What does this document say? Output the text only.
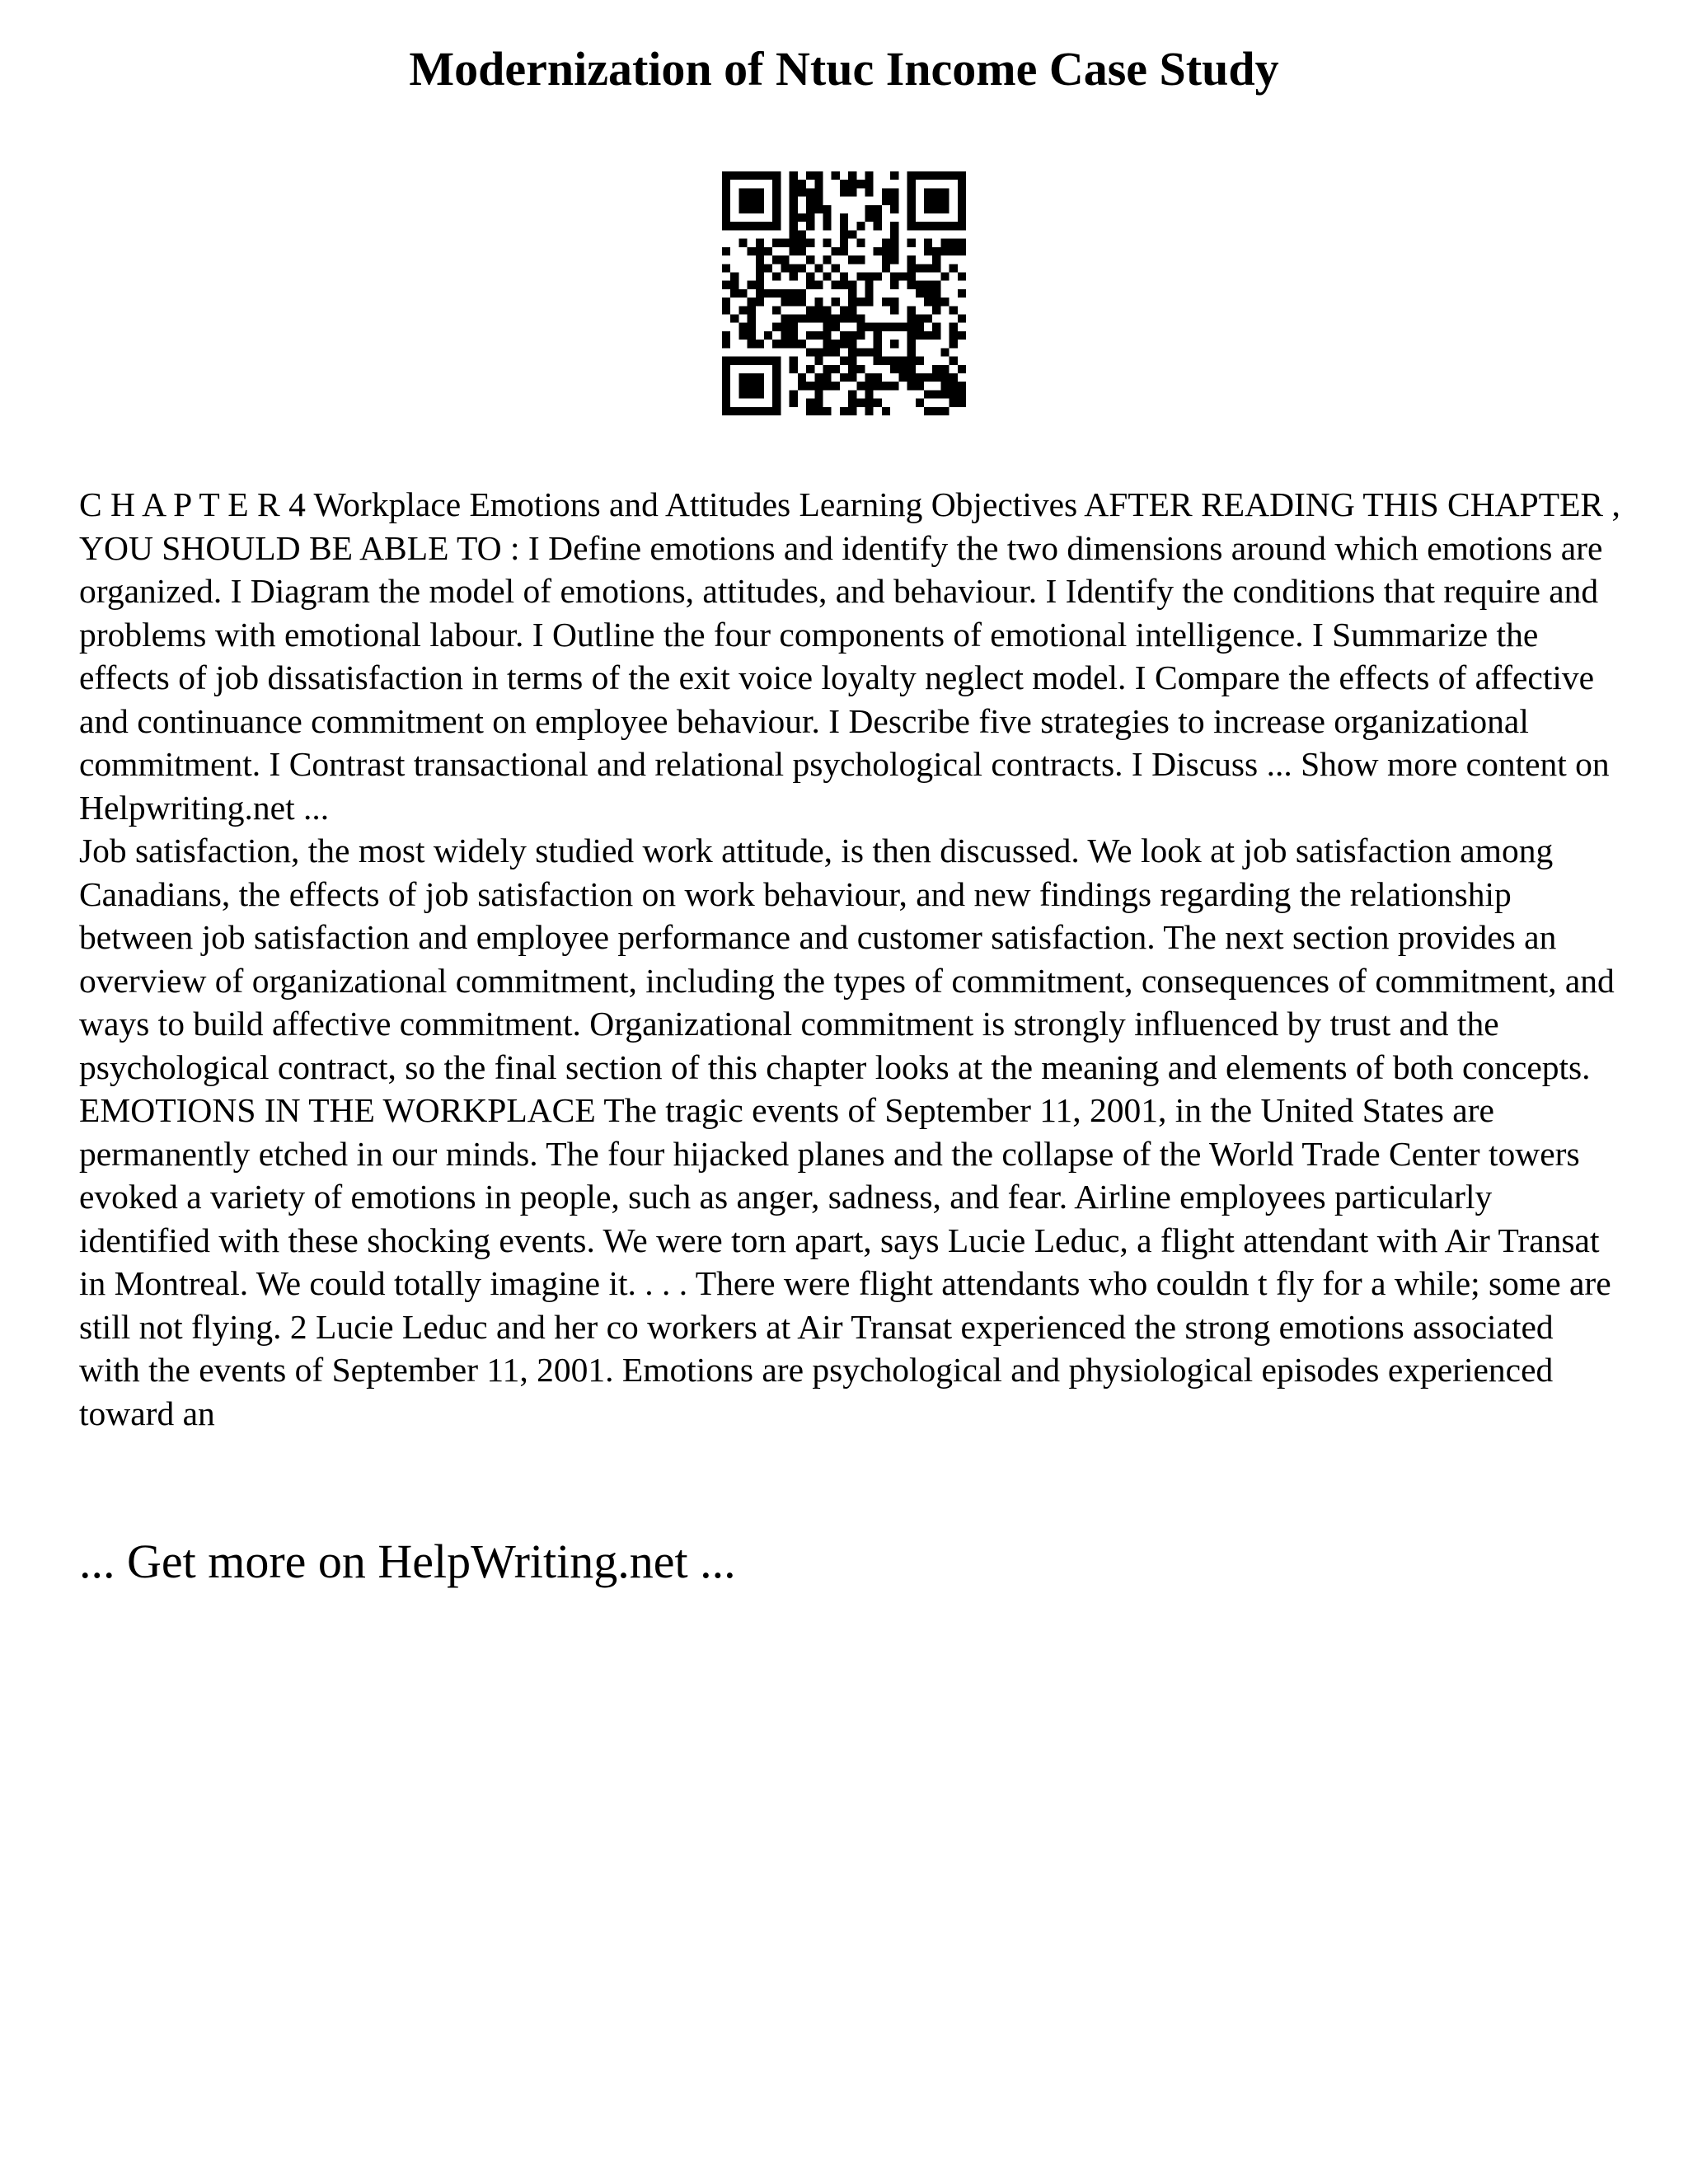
Modernization of Ntuc Income Case Study

C H A P T E R 4 Workplace Emotions and Attitudes Learning Objectives AFTER READING THIS CHAPTER , YOU SHOULD BE ABLE TO : I Define emotions and identify the two dimensions around which emotions are organized. I Diagram the model of emotions, attitudes, and behaviour. I Identify the conditions that require and problems with emotional labour. I Outline the four components of emotional intelligence. I Summarize the effects of job dissatisfaction in terms of the exit voice loyalty neglect model. I Compare the effects of affective and continuance commitment on employee behaviour. I Describe five strategies to increase organizational commitment. I Contrast transactional and relational psychological contracts. I Discuss ... Show more content on Helpwriting.net ...

Job satisfaction, the most widely studied work attitude, is then discussed. We look at job satisfaction among Canadians, the effects of job satisfaction on work behaviour, and new findings regarding the relationship between job satisfaction and employee performance and customer satisfaction. The next section provides an overview of organizational commitment, including the types of commitment, consequences of commitment, and ways to build affective commitment. Organizational commitment is strongly influenced by trust and the psychological contract, so the final section of this chapter looks at the meaning and elements of both concepts. EMOTIONS IN THE WORKPLACE The tragic events of September 11, 2001, in the United States are permanently etched in our minds. The four hijacked planes and the collapse of the World Trade Center towers evoked a variety of emotions in people, such as anger, sadness, and fear. Airline employees particularly identified with these shocking events. We were torn apart, says Lucie Leduc, a flight attendant with Air Transat in Montreal. We could totally imagine it. . . . There were flight attendants who couldn t fly for a while; some are still not flying. 2 Lucie Leduc and her co workers at Air Transat experienced the strong emotions associated with the events of September 11, 2001. Emotions are psychological and physiological episodes experienced toward an

... Get more on HelpWriting.net ...
